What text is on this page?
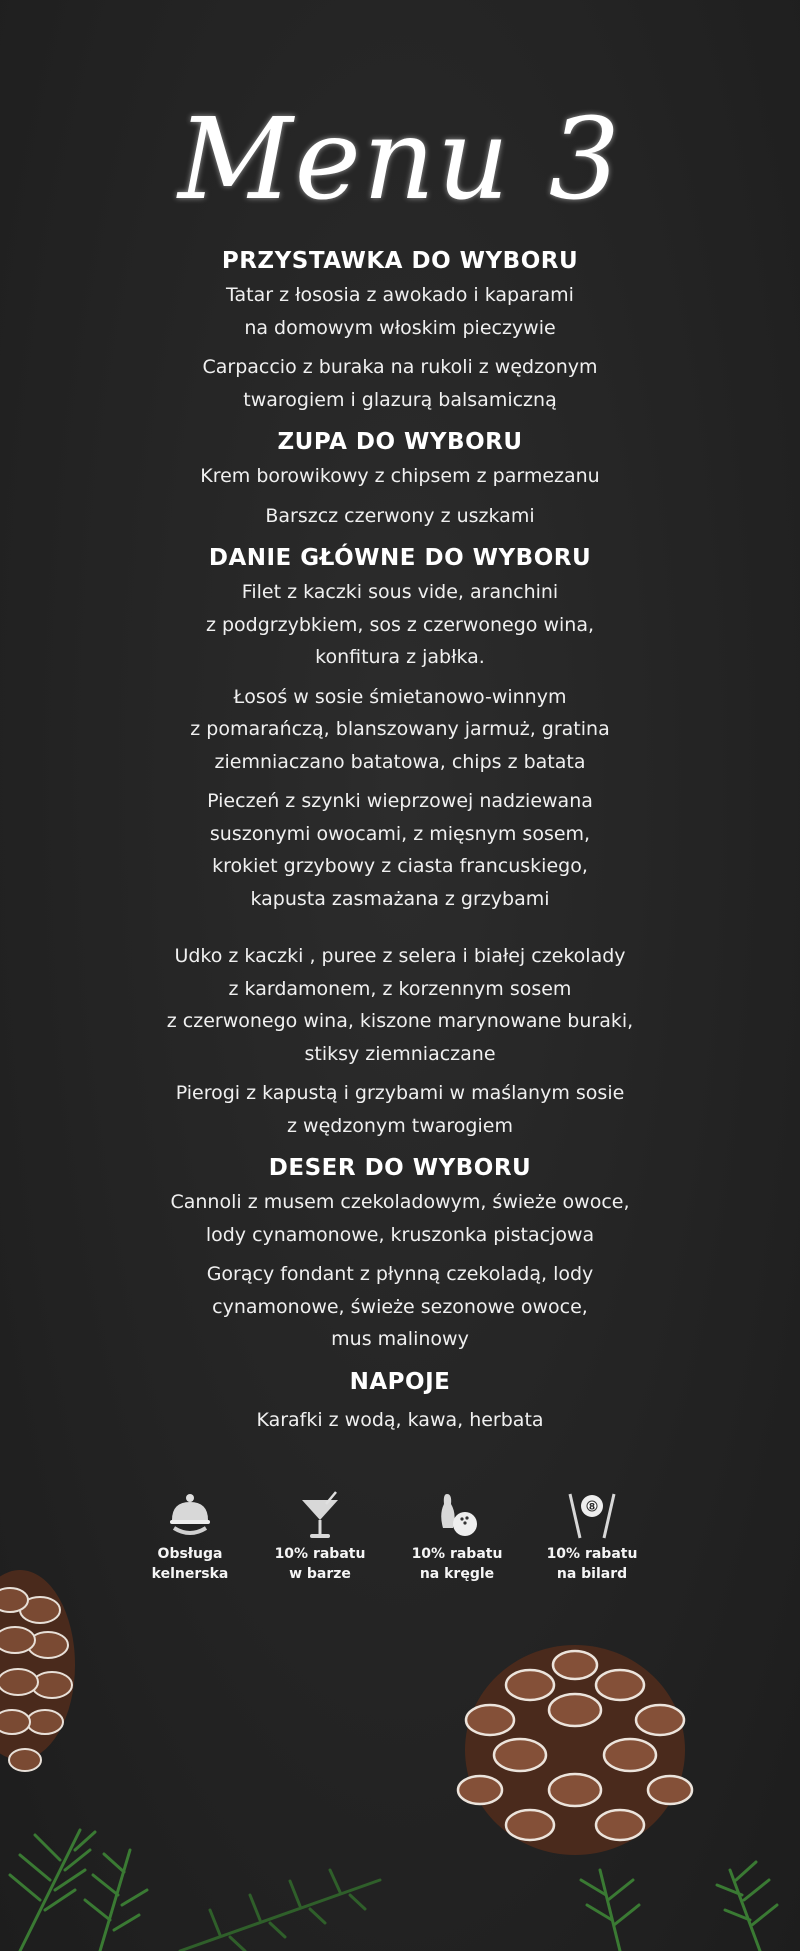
Menu 3
PRZYSTAWKA DO WYBORU
Tatar z łososia z awokado i kaparami
na domowym włoskim pieczywie
Carpaccio z buraka na rukoli z wędzonym
twarogiem i glazurą balsamiczną
ZUPA DO WYBORU
Krem borowikowy z chipsem z parmezanu
Barszcz czerwony z uszkami
DANIE GŁÓWNE DO WYBORU
Filet z kaczki sous vide, aranchini
z podgrzybkiem, sos z czerwonego wina,
konfitura z jabłka.
Łosoś w sosie śmietanowo-winnym
z pomarańczą, blanszowany jarmuż, gratina
ziemniaczano batatowa, chips z batata
Pieczeń z szynki wieprzowej nadziewana
suszonymi owocami, z mięsnym sosem,
krokiet grzybowy z ciasta francuskiego,
kapusta zasmażana z grzybami
Udko z kaczki , puree z selera i białej czekolady
z kardamonem, z korzennym sosem
z czerwonego wina, kiszone marynowane buraki,
stiksy ziemniaczane
Pierogi z kapustą i grzybami w maślanym sosie
z wędzonym twarogiem
DESER DO WYBORU
Cannoli z musem czekoladowym, świeże owoce,
lody cynamonowe, kruszonka pistacjowa
Gorący fondant z płynną czekoladą, lody
cynamonowe, świeże sezonowe owoce,
mus malinowy
NAPOJE
Karafki z wodą, kawa, herbata
Obsługa
kelnerska
10% rabatu
w barze
10% rabatu
na kręgle
8
10% rabatu
na bilard
